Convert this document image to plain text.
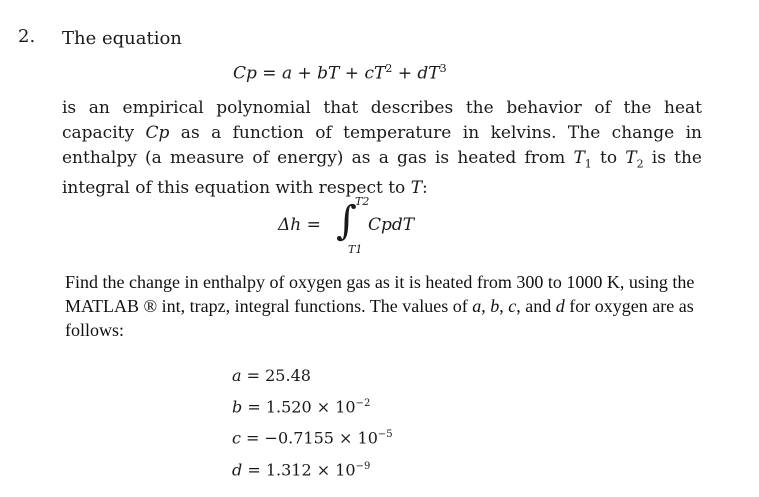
2. The equation
Cp = a + bT + $cT^2 + dT^3$
is an empirical polynomial that describes the behavior of the heat capacity Cp as a function of temperature in kelvins. The change in enthalpy (a measure of energy) as a gas is heated from $T_1$ to $T_2$ is the integral of this equation with respect to T:
Δh = ∫
T2
T1
CpdT
Find the change in enthalpy of oxygen gas as it is heated from 300 to 1000 K, using the MATLAB ® int, trapz, integral functions. The values of a, b, c, and d for oxygen are as follows:
a = 25.48
$b = 1.520 \times 10^{-2}$
$c = -0.7155 \times 10^{-5}$
$d = 1.312 \times 10^{-9}$
